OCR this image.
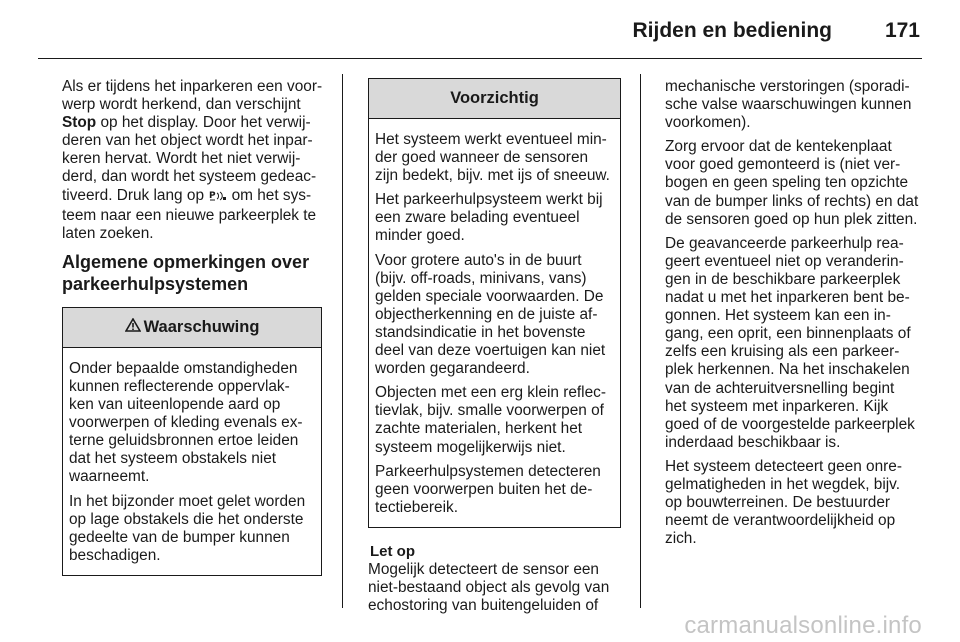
Rijden en bediening	171

Als er tijdens het inparkeren een voor-
werp wordt herkend, dan verschijnt
Stop op het display. Door het verwij-
deren van het object wordt het inpar-
keren hervat. Wordt het niet verwij-
derd, dan wordt het systeem gedeac-
tiveerd. Druk lang op P om het sys-
teem naar een nieuwe parkeerplek te
laten zoeken.

Algemene opmerkingen over
parkeerhulpsystemen
Waarschuwing

Onder bepaalde omstandigheden
kunnen reflecterende oppervlak-
ken van uiteenlopende aard op
voorwerpen of kleding evenals ex-
terne geluidsbronnen ertoe leiden
dat het systeem obstakels niet
waarneemt.

In het bijzonder moet gelet worden
op lage obstakels die het onderste
gedeelte van de bumper kunnen
beschadigen.

Voorzichtig

Het systeem werkt eventueel min-
der goed wanneer de sensoren
zijn bedekt, bijv. met ijs of sneeuw.

Het parkeerhulpsysteem werkt bij
een zware belading eventueel
minder goed.

Voor grotere auto's in de buurt
(bijv. off-roads, minivans, vans)
gelden speciale voorwaarden. De
objectherkenning en de juiste af-
standsindicatie in het bovenste
deel van deze voertuigen kan niet
worden gegarandeerd.

Objecten met een erg klein reflec-
tievlak, bijv. smalle voorwerpen of
zachte materialen, herkent het
systeem mogelijkerwijs niet.

Parkeerhulpsystemen detecteren
geen voorwerpen buiten het de-
tectiebereik.

Let op

Mogelijk detecteert de sensor een
niet-bestaand object als gevolg van
echostoring van buitengeluiden of

mechanische verstoringen (sporadi-
sche valse waarschuwingen kunnen
voorkomen).

Zorg ervoor dat de kentekenplaat
voor goed gemonteerd is (niet ver-
bogen en geen speling ten opzichte
van de bumper links of rechts) en dat
de sensoren goed op hun plek zitten.

De geavanceerde parkeerhulp rea-
geert eventueel niet op veranderin-
gen in de beschikbare parkeerplek
nadat u met het inparkeren bent be-
gonnen. Het systeem kan een in-
gang, een oprit, een binnenplaats of
zelfs een kruising als een parkeer-
plek herkennen. Na het inschakelen
van de achteruitversnelling begint
het systeem met inparkeren. Kijk
goed of de voorgestelde parkeerplek
inderdaad beschikbaar is.

Het systeem detecteert geen onre-
gelmatigheden in het wegdek, bijv.
op bouwterreinen. De bestuurder
neemt de verantwoordelijkheid op
zich.

carmanualsonline.info
